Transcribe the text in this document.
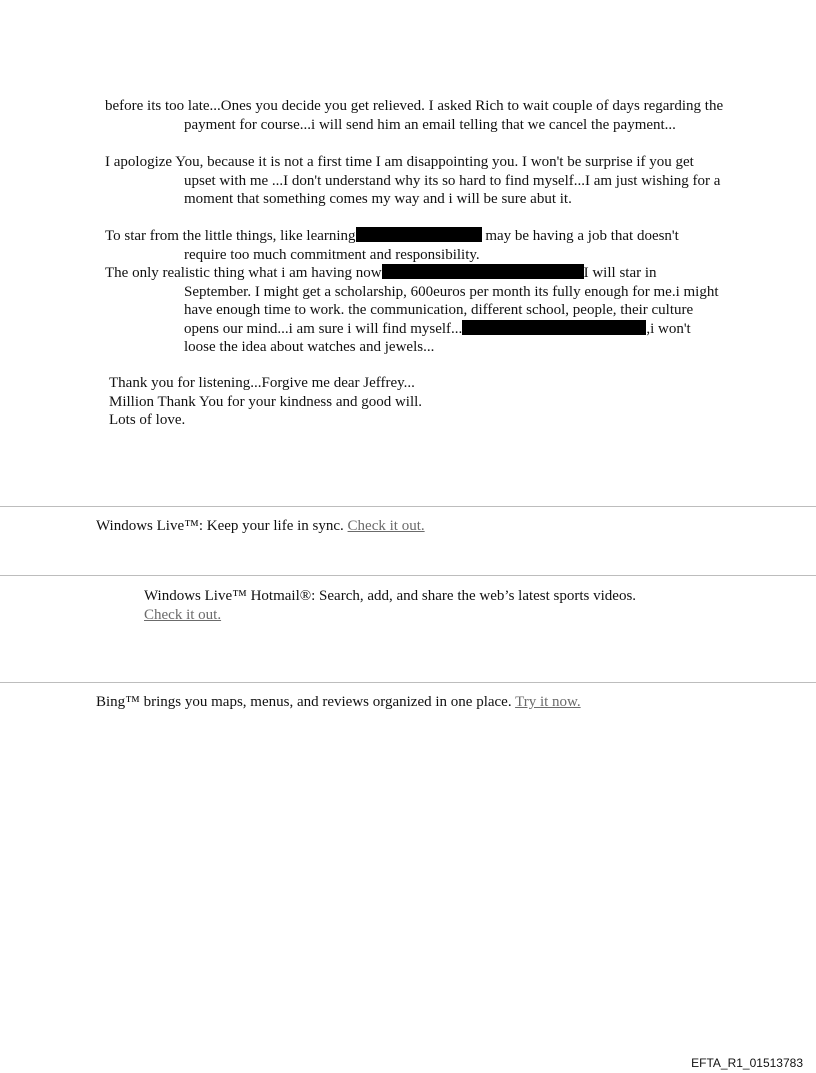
before its too late...Ones you decide you get relieved. I asked Rich to wait couple of days regarding the payment for course...i will send him an email telling that we cancel the payment...

I apologize You, because it is not a first time I am disappointing you. I won't be surprise if you get upset with me ...I don't understand why its so hard to find myself...I am just wishing for a moment that something comes my way and i will be sure abut it.

To star from the little things, like learning	may be having a job that doesn't require too much commitment and responsibility.

The only realistic thing what i am having now	I will star in September. I might get a scholarship, 600euros per month its fully enough for me.i might have enough time to work. the communication, different school, people, their culture opens our mind...i am sure i will find myself...	,i won't loose the idea about watches and jewels...

Thank you for listening...Forgive me dear Jeffrey...
Million Thank You for your kindness and good will.
Lots of love.

Windows Live™: Keep your life in sync. Check it out.

Windows Live™ Hotmail®: Search, add, and share the web’s latest sports videos.
Check it out.

Bing™ brings you maps, menus, and reviews organized in one place. Try it now.

EFTA_R1_01513783
